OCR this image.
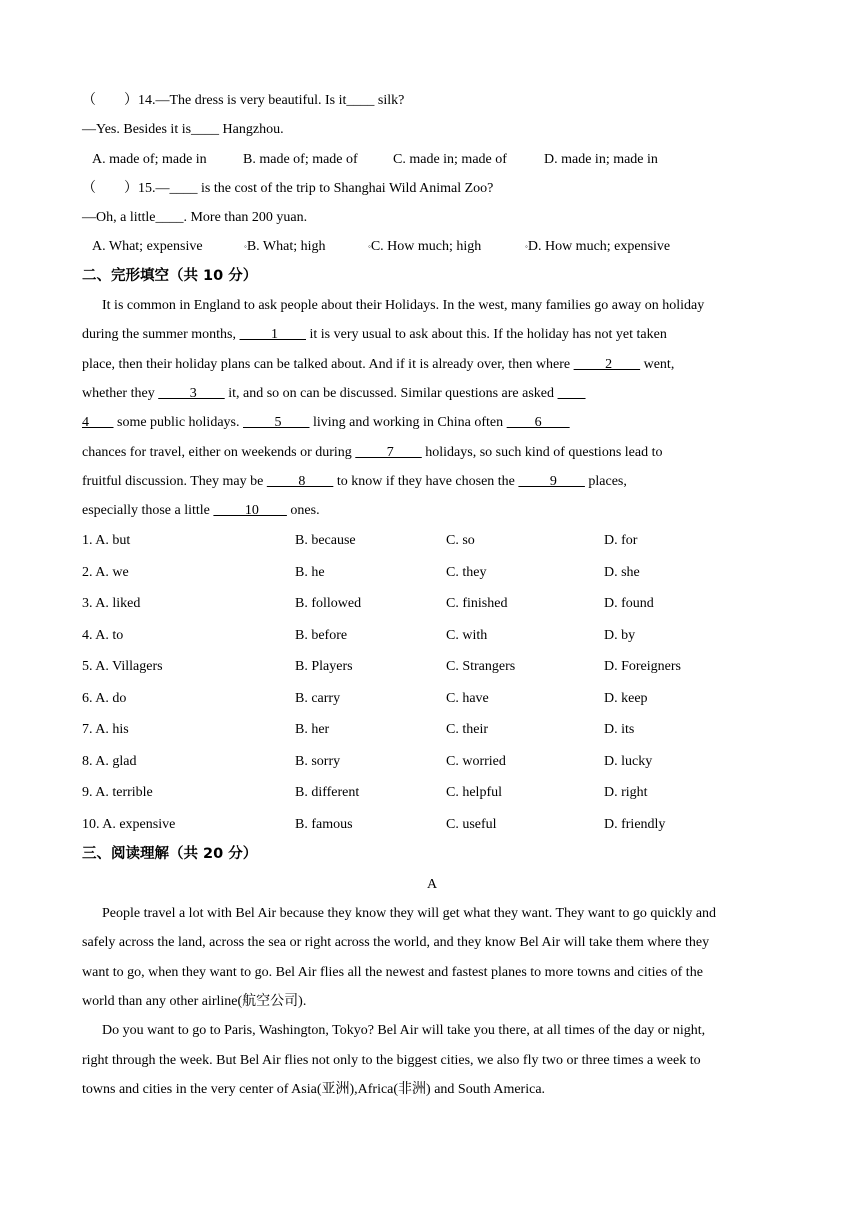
（　　）14.—The dress is very beautiful. Is it____ silk?
—Yes. Besides it is____ Hangzhou.
A. made of; made in	B. made of; made of	C. made in; made of	D. made in; made in
（　　）15.—____ is the cost of the trip to Shanghai Wild Animal Zoo?
—Oh, a little____. More than 200 yuan.
A. What; expensive	◦B. What; high	◦C. How much; high	◦D. How much; expensive
二、完形填空（共 10 分）
It is common in England to ask people about their Holidays. In the west, many families go away on holiday
during the summer months,          1         it is very usual to ask about this. If the holiday has not yet taken
place, then their holiday plans can be talked about. And if it is already over, then where          2         went,
whether they          3         it, and so on can be discussed. Similar questions are asked
4        some public holidays.          5         living and working in China often         6
chances for travel, either on weekends or during          7         holidays, so such kind of questions lead to
fruitful discussion. They may be          8         to know if they have chosen the          9         places,
especially those a little          10         ones.
1. A. but	B. because	C. so	D. for
2. A. we	B. he	C. they	D. she
3. A. liked	B. followed	C. finished	D. found
4. A. to	B. before	C. with	D. by
5. A. Villagers	B. Players	C. Strangers	D. Foreigners
6. A. do	B. carry	C. have	D. keep
7. A. his	B. her	C. their	D. its
8. A. glad	B. sorry	C. worried	D. lucky
9. A. terrible	B. different	C. helpful	D. right
10. A. expensive	B. famous	C. useful	D. friendly
三、阅读理解（共 20 分）
A
People travel a lot with Bel Air because they know they will get what they want. They want to go quickly and
safely across the land, across the sea or right across the world, and they know Bel Air will take them where they
want to go, when they want to go. Bel Air flies all the newest and fastest planes to more towns and cities of the
world than any other airline(航空公司).
Do you want to go to Paris, Washington, Tokyo? Bel Air will take you there, at all times of the day or night,
right through the week. But Bel Air flies not only to the biggest cities, we also fly two or three times a week to
towns and cities in the very center of Asia(亚洲),Africa(非洲) and South America.
